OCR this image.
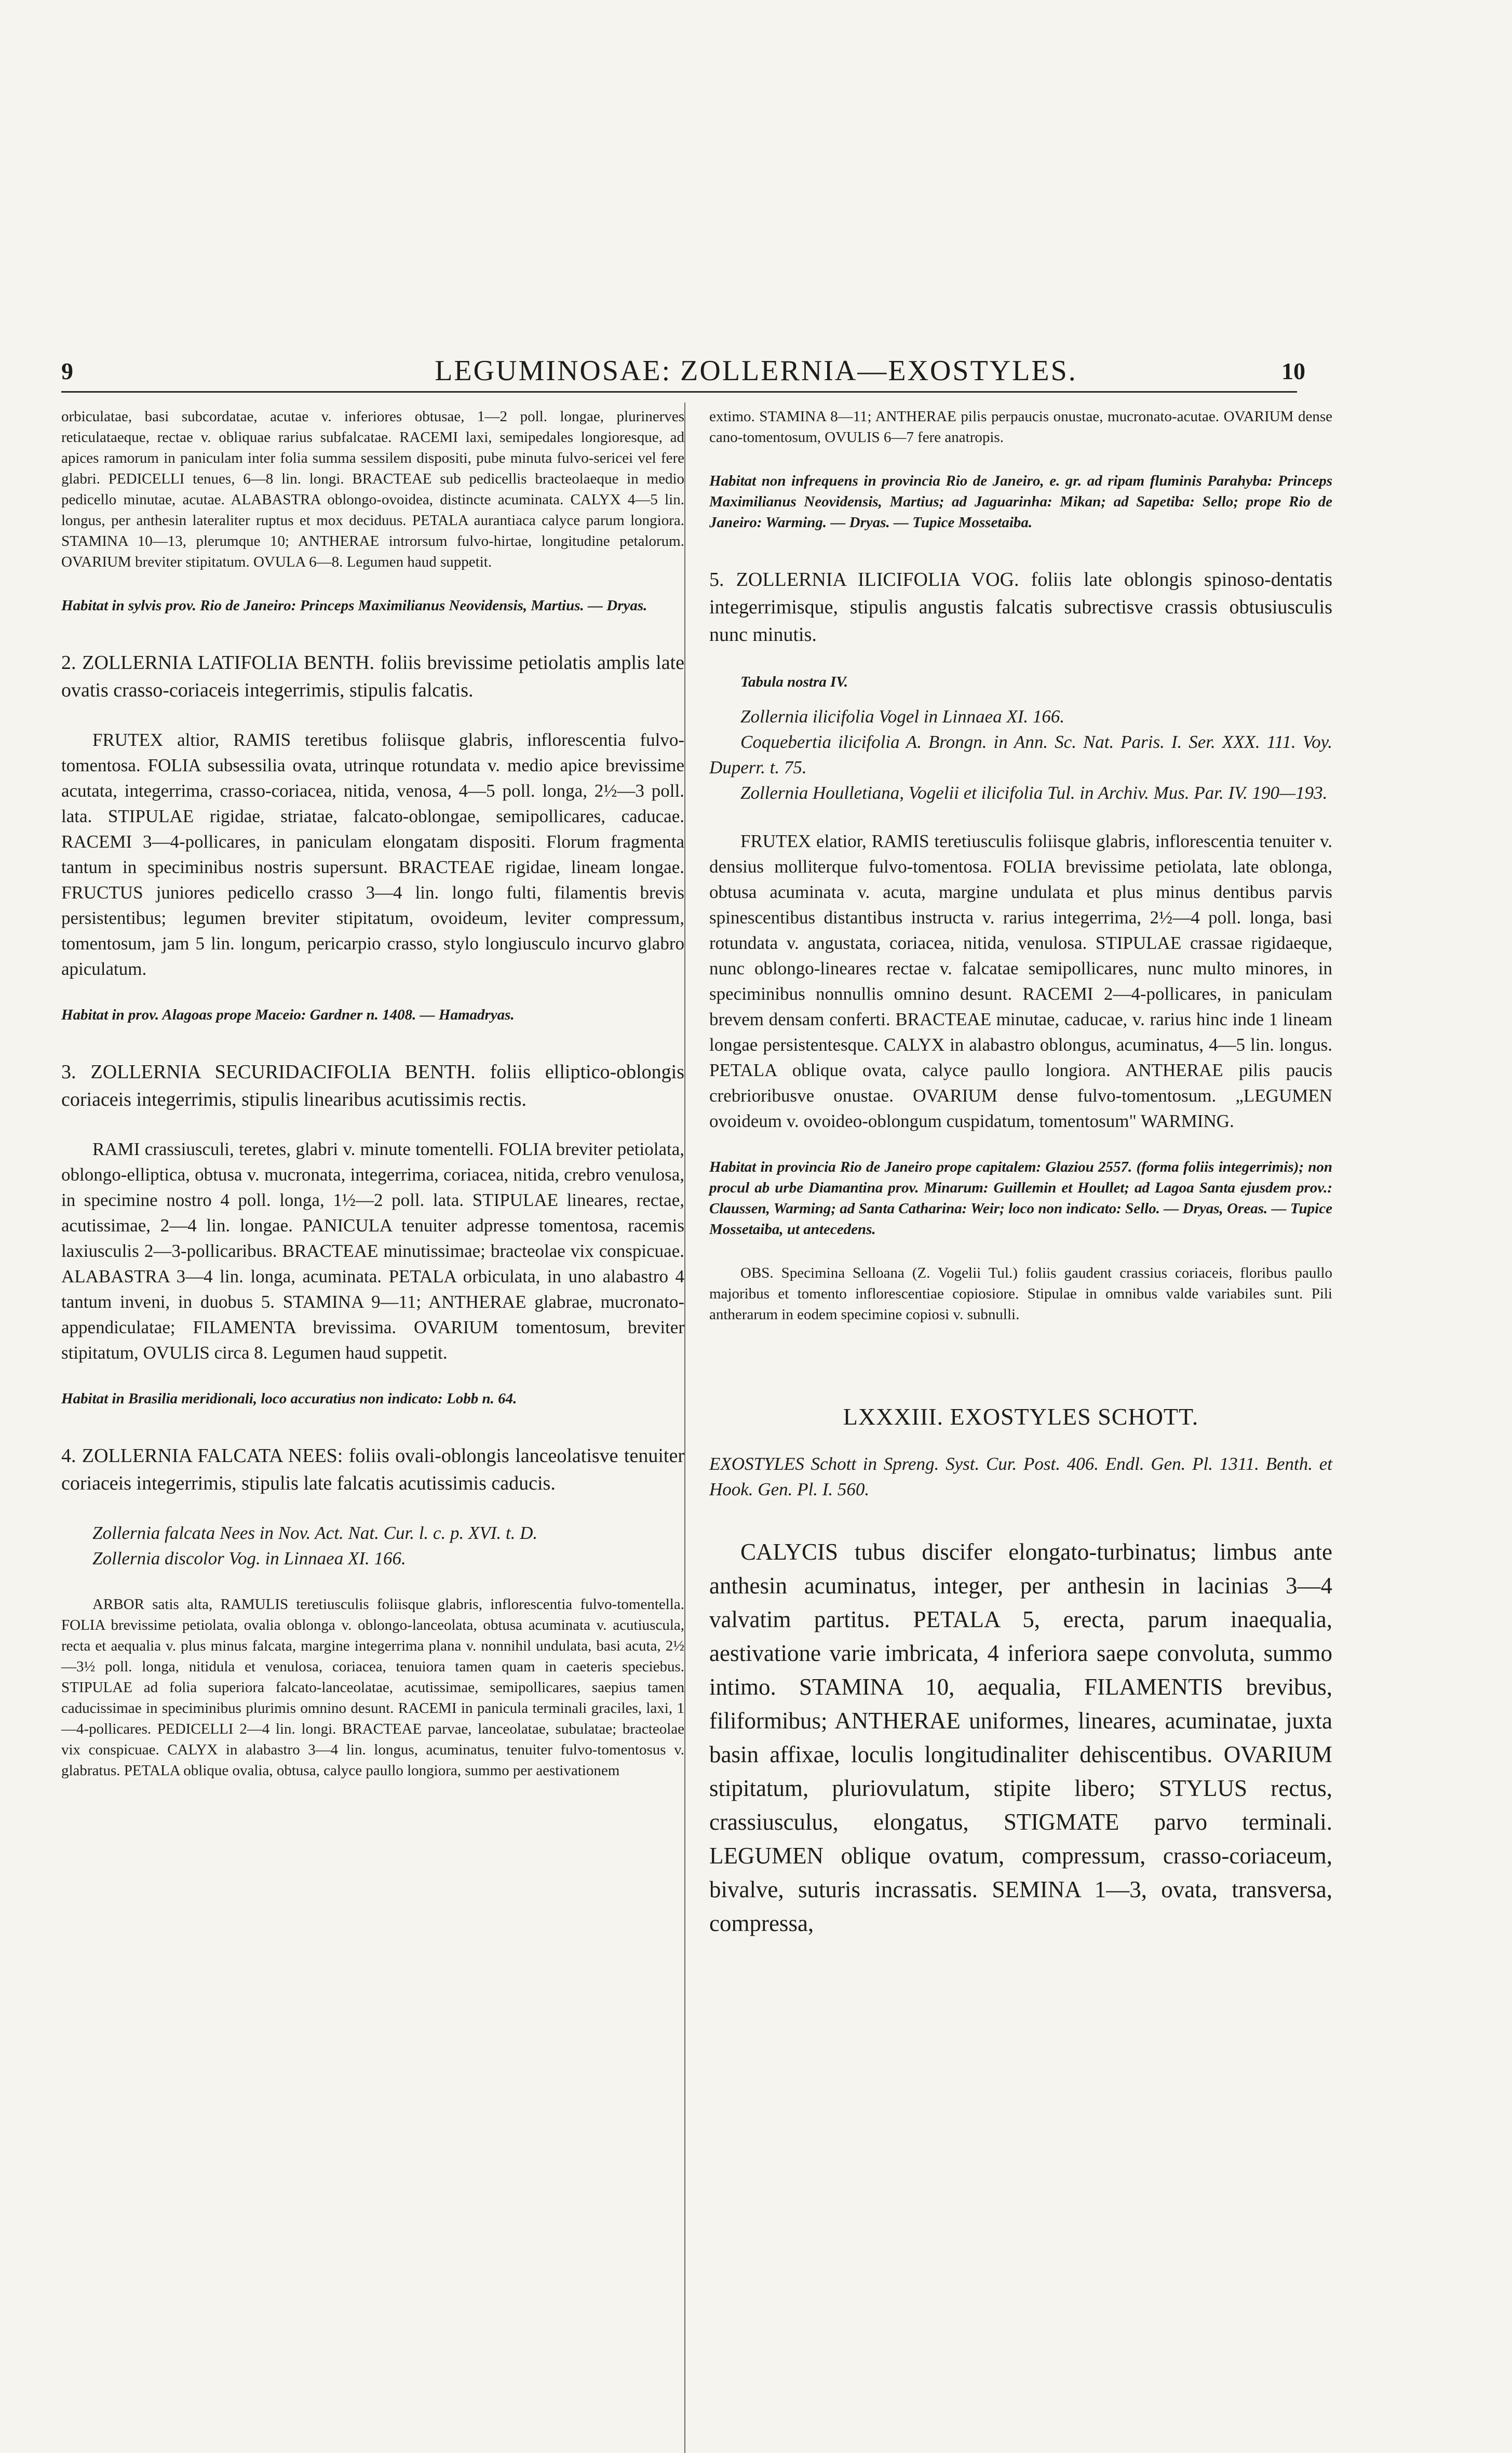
9	LEGUMINOSAE: ZOLLERNIA—EXOSTYLES.	10

orbiculatae, basi subcordatae, acutae v. inferiores obtusae, 1—2 poll. longae, plurinerves reticulataeque, rectae v. obliquae rarius subfalcatae. RACEMI laxi, semipedales longioresque, ad apices ramorum in paniculam inter folia summa sessilem dispositi, pube minuta fulvo-sericei vel fere glabri. PEDICELLI tenues, 6—8 lin. longi. BRACTEAE sub pedicellis bracteolaeque in medio pedicello minutae, acutae. ALABASTRA oblongo-ovoidea, distincte acuminata. CALYX 4—5 lin. longus, per anthesin lateraliter ruptus et mox deciduus. PETALA aurantiaca calyce parum longiora. STAMINA 10—13, plerumque 10; ANTHERAE introrsum fulvo-hirtae, longitudine petalorum. OVARIUM breviter stipitatum. OVULA 6—8. Legumen haud suppetit.

Habitat in sylvis prov. Rio de Janeiro: Princeps Maximilianus Neovidensis, Martius. — Dryas.

2. ZOLLERNIA LATIFOLIA BENTH. foliis brevissime petiolatis amplis late ovatis crasso-coriaceis integerrimis, stipulis falcatis.

FRUTEX altior, RAMIS teretibus foliisque glabris, inflorescentia fulvo-tomentosa. FOLIA subsessilia ovata, utrinque rotundata v. medio apice brevissime acutata, integerrima, crasso-coriacea, nitida, venosa, 4—5 poll. longa, 2½—3 poll. lata. STIPULAE rigidae, striatae, falcato-oblongae, semipollicares, caducae. RACEMI 3—4-pollicares, in paniculam elongatam dispositi. Florum fragmenta tantum in speciminibus nostris supersunt. BRACTEAE rigidae, lineam longae. FRUCTUS juniores pedicello crasso 3—4 lin. longo fulti, filamentis brevis persistentibus; legumen breviter stipitatum, ovoideum, leviter compressum, tomentosum, jam 5 lin. longum, pericarpio crasso, stylo longiusculo incurvo glabro apiculatum.

Habitat in prov. Alagoas prope Maceio: Gardner n. 1408. — Hamadryas.

3. ZOLLERNIA SECURIDACIFOLIA BENTH. foliis elliptico-oblongis coriaceis integerrimis, stipulis linearibus acutissimis rectis.

RAMI crassiusculi, teretes, glabri v. minute tomentelli. FOLIA breviter petiolata, oblongo-elliptica, obtusa v. mucronata, integerrima, coriacea, nitida, crebro venulosa, in specimine nostro 4 poll. longa, 1½—2 poll. lata. STIPULAE lineares, rectae, acutissimae, 2—4 lin. longae. PANICULA tenuiter adpresse tomentosa, racemis laxiusculis 2—3-pollicaribus. BRACTEAE minutissimae; bracteolae vix conspicuae. ALABASTRA 3—4 lin. longa, acuminata. PETALA orbiculata, in uno alabastro 4 tantum inveni, in duobus 5. STAMINA 9—11; ANTHERAE glabrae, mucronato-appendiculatae; FILAMENTA brevissima. OVARIUM tomentosum, breviter stipitatum, OVULIS circa 8. Legumen haud suppetit.

Habitat in Brasilia meridionali, loco accuratius non indicato: Lobb n. 64.

4. ZOLLERNIA FALCATA NEES: foliis ovali-oblongis lanceolatisve tenuiter coriaceis integerrimis, stipulis late falcatis acutissimis caducis.

Zollernia falcata Nees in Nov. Act. Nat. Cur. l. c. p. XVI. t. D.

Zollernia discolor Vog. in Linnaea XI. 166.

ARBOR satis alta, RAMULIS teretiusculis foliisque glabris, inflorescentia fulvo-tomentella. FOLIA brevissime petiolata, ovalia oblonga v. oblongo-lanceolata, obtusa acuminata v. acutiuscula, recta et aequalia v. plus minus falcata, margine integerrima plana v. nonnihil undulata, basi acuta, 2½—3½ poll. longa, nitidula et venulosa, coriacea, tenuiora tamen quam in caeteris speciebus. STIPULAE ad folia superiora falcato-lanceolatae, acutissimae, semipollicares, saepius tamen caducissimae in speciminibus plurimis omnino desunt. RACEMI in panicula terminali graciles, laxi, 1—4-pollicares. PEDICELLI 2—4 lin. longi. BRACTEAE parvae, lanceolatae, subulatae; bracteolae vix conspicuae. CALYX in alabastro 3—4 lin. longus, acuminatus, tenuiter fulvo-tomentosus v. glabratus. PETALA oblique ovalia, obtusa, calyce paullo longiora, summo per aestivationem

extimo. STAMINA 8—11; ANTHERAE pilis perpaucis onustae, mucronato-acutae. OVARIUM dense cano-tomentosum, OVULIS 6—7 fere anatropis.

Habitat non infrequens in provincia Rio de Janeiro, e. gr. ad ripam fluminis Parahyba: Princeps Maximilianus Neovidensis, Martius; ad Jaguarinha: Mikan; ad Sapetiba: Sello; prope Rio de Janeiro: Warming. — Dryas. — Tupice Mossetaiba.

5. ZOLLERNIA ILICIFOLIA VOG. foliis late oblongis spinoso-dentatis integerrimisque, stipulis angustis falcatis subrectisve crassis obtusiusculis nunc minutis.

Tabula nostra IV.

Zollernia ilicifolia Vogel in Linnaea XI. 166.

Coquebertia ilicifolia A. Brongn. in Ann. Sc. Nat. Paris. I. Ser. XXX. 111. Voy. Duperr. t. 75.

Zollernia Houlletiana, Vogelii et ilicifolia Tul. in Archiv. Mus. Par. IV. 190—193.

FRUTEX elatior, RAMIS teretiusculis foliisque glabris, inflorescentia tenuiter v. densius molliterque fulvo-tomentosa. FOLIA brevissime petiolata, late oblonga, obtusa acuminata v. acuta, margine undulata et plus minus dentibus parvis spinescentibus distantibus instructa v. rarius integerrima, 2½—4 poll. longa, basi rotundata v. angustata, coriacea, nitida, venulosa. STIPULAE crassae rigidaeque, nunc oblongo-lineares rectae v. falcatae semipollicares, nunc multo minores, in speciminibus nonnullis omnino desunt. RACEMI 2—4-pollicares, in paniculam brevem densam conferti. BRACTEAE minutae, caducae, v. rarius hinc inde 1 lineam longae persistentesque. CALYX in alabastro oblongus, acuminatus, 4—5 lin. longus. PETALA oblique ovata, calyce paullo longiora. ANTHERAE pilis paucis crebrioribusve onustae. OVARIUM dense fulvo-tomentosum. „LEGUMEN ovoideum v. ovoideo-oblongum cuspidatum, tomentosum" WARMING.

Habitat in provincia Rio de Janeiro prope capitalem: Glaziou 2557. (forma foliis integerrimis); non procul ab urbe Diamantina prov. Minarum: Guillemin et Houllet; ad Lagoa Santa ejusdem prov.: Claussen, Warming; ad Santa Catharina: Weir; loco non indicato: Sello. — Dryas, Oreas. — Tupice Mossetaiba, ut antecedens.

OBS. Specimina Selloana (Z. Vogelii Tul.) foliis gaudent crassius coriaceis, floribus paullo majoribus et tomento inflorescentiae copiosiore. Stipulae in omnibus valde variabiles sunt. Pili antherarum in eodem specimine copiosi v. subnulli.

LXXXIII. EXOSTYLES SCHOTT.

EXOSTYLES Schott in Spreng. Syst. Cur. Post. 406. Endl. Gen. Pl. 1311. Benth. et Hook. Gen. Pl. I. 560.

CALYCIS tubus discifer elongato-turbinatus; limbus ante anthesin acuminatus, integer, per anthesin in lacinias 3—4 valvatim partitus. PETALA 5, erecta, parum inaequalia, aestivatione varie imbricata, 4 inferiora saepe convoluta, summo intimo. STAMINA 10, aequalia, FILAMENTIS brevibus, filiformibus; ANTHERAE uniformes, lineares, acuminatae, juxta basin affixae, loculis longitudinaliter dehiscentibus. OVARIUM stipitatum, pluriovulatum, stipite libero; STYLUS rectus, crassiusculus, elongatus, STIGMATE parvo terminali. LEGUMEN oblique ovatum, compressum, crasso-coriaceum, bivalve, suturis incrassatis. SEMINA 1—3, ovata, transversa, compressa,
